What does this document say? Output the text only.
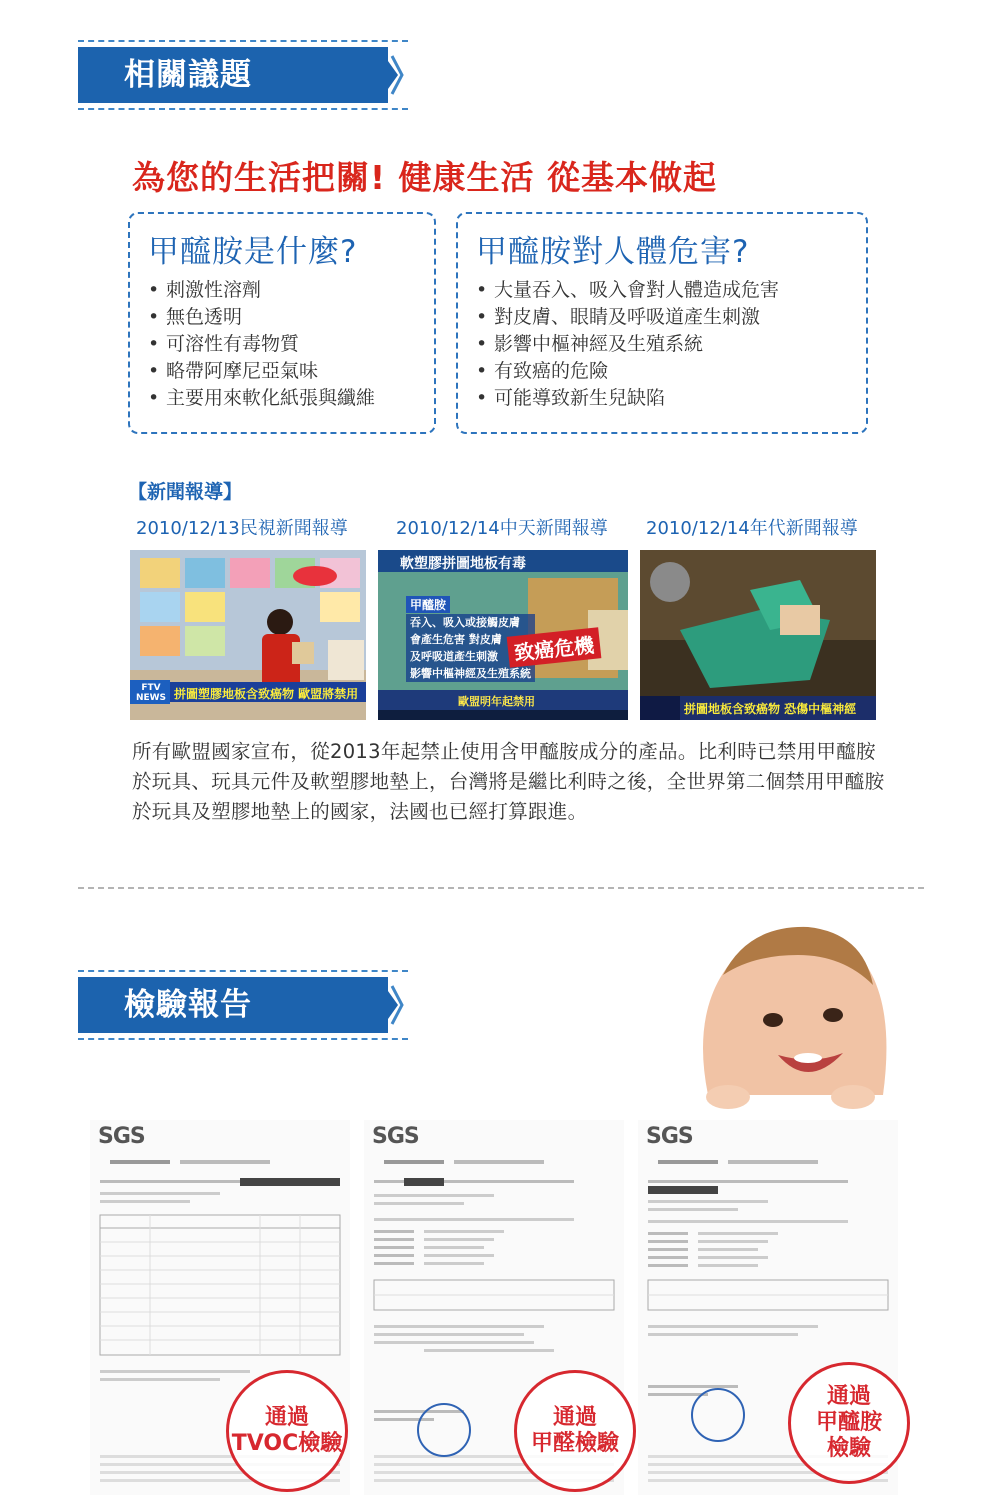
相關議題
為您的生活把關! 健康生活 從基本做起
甲醯胺是什麼?
• 刺激性溶劑
• 無色透明
• 可溶性有毒物質
• 略帶阿摩尼亞氣味
• 主要用來軟化紙張與纖維
甲醯胺對人體危害?
• 大量吞入、吸入會對人體造成危害
• 對皮膚、眼睛及呼吸道產生刺激
• 影響中樞神經及生殖系統
• 有致癌的危險
• 可能導致新生兒缺陷
【新聞報導】
2010/12/13民視新聞報導	2010/12/14中天新聞報導 2010/12/14年代新聞報導
FTV NEWS 拼圖塑膠地板含致癌物 歐盟將禁用
軟塑膠拼圖地板有毒
甲醯胺
吞入、吸入或接觸皮膚
會產生危害 對皮膚
及呼吸道產生刺激
影響中樞神經及生殖系統
致癌危機
歐盟明年起禁用
拼圖地板含致癌物 恐傷中樞神經
所有歐盟國家宣布，從2013年起禁止使用含甲醯胺成分的產品。比利時已禁用甲醯胺於玩具、玩具元件及軟塑膠地墊上，台灣將是繼比利時之後，全世界第二個禁用甲醯胺於玩具及塑膠地墊上的國家，法國也已經打算跟進。
檢驗報告
SGS
通過
TVOC檢驗
SGS
通過
甲醛檢驗
SGS
通過
甲醯胺
檢驗
